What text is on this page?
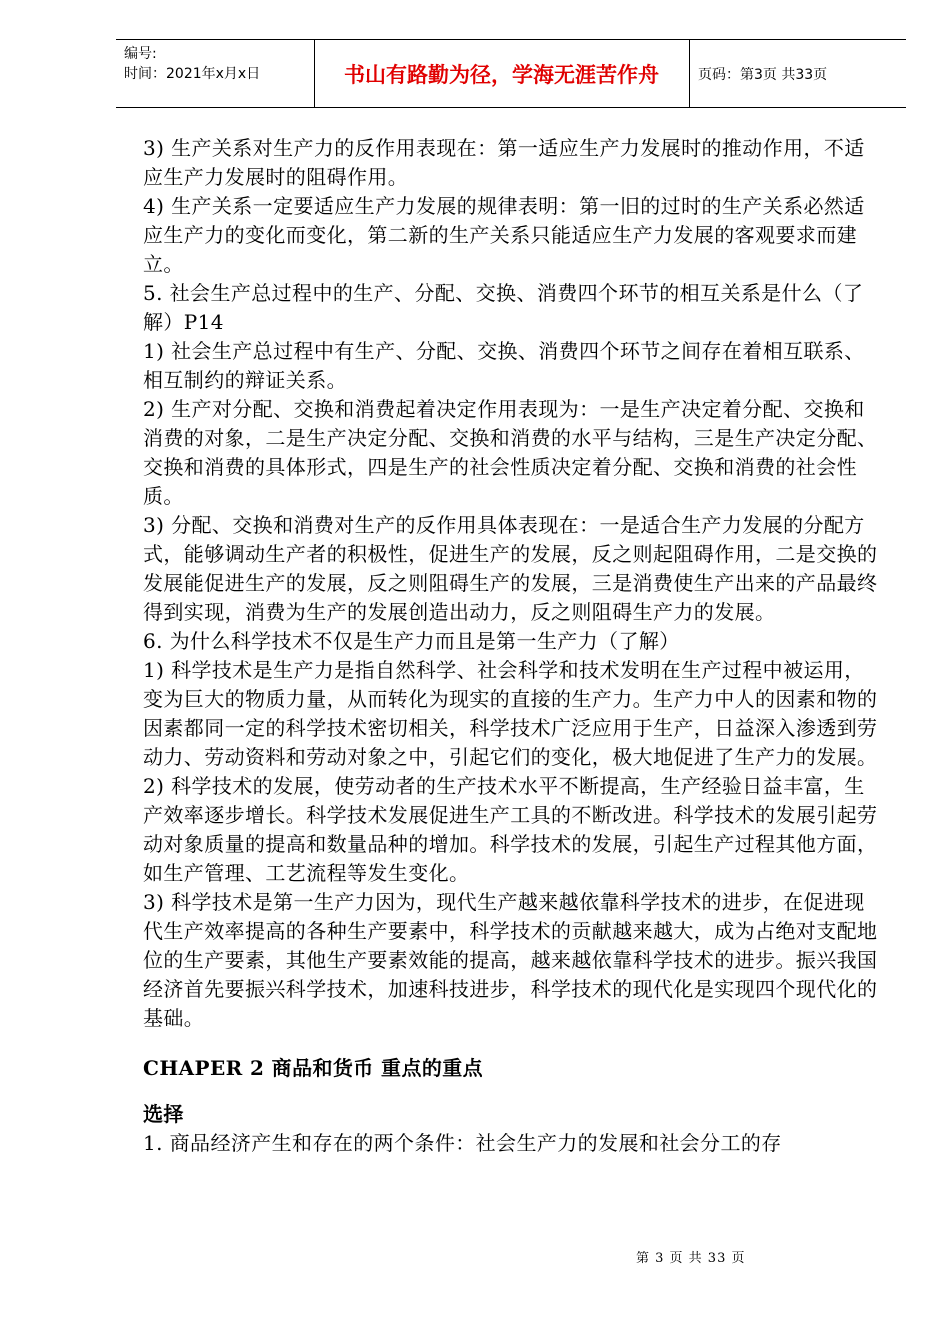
编号:
时间：2021年x月x日	书山有路勤为径，学海无涯苦作舟	页码：第3页 共33页

3) 生产关系对生产力的反作用表现在：第一适应生产力发展时的推动作用，不适应生产力发展时的阻碍作用。

4) 生产关系一定要适应生产力发展的规律表明：第一旧的过时的生产关系必然适应生产力的变化而变化，第二新的生产关系只能适应生产力发展的客观要求而建立。

5. 社会生产总过程中的生产、分配、交换、消费四个环节的相互关系是什么（了解）P14

1) 社会生产总过程中有生产、分配、交换、消费四个环节之间存在着相互联系、相互制约的辩证关系。

2) 生产对分配、交换和消费起着决定作用表现为：一是生产决定着分配、交换和消费的对象，二是生产决定分配、交换和消费的水平与结构，三是生产决定分配、交换和消费的具体形式，四是生产的社会性质决定着分配、交换和消费的社会性质。

3) 分配、交换和消费对生产的反作用具体表现在：一是适合生产力发展的分配方式，能够调动生产者的积极性，促进生产的发展，反之则起阻碍作用，二是交换的发展能促进生产的发展，反之则阻碍生产的发展，三是消费使生产出来的产品最终得到实现，消费为生产的发展创造出动力，反之则阻碍生产力的发展。

6. 为什么科学技术不仅是生产力而且是第一生产力（了解）

1) 科学技术是生产力是指自然科学、社会科学和技术发明在生产过程中被运用，变为巨大的物质力量，从而转化为现实的直接的生产力。生产力中人的因素和物的因素都同一定的科学技术密切相关，科学技术广泛应用于生产，日益深入渗透到劳动力、劳动资料和劳动对象之中，引起它们的变化，极大地促进了生产力的发展。

2) 科学技术的发展，使劳动者的生产技术水平不断提高，生产经验日益丰富，生产效率逐步增长。科学技术发展促进生产工具的不断改进。科学技术的发展引起劳动对象质量的提高和数量品种的增加。科学技术的发展，引起生产过程其他方面，如生产管理、工艺流程等发生变化。

3) 科学技术是第一生产力因为，现代生产越来越依靠科学技术的进步，在促进现代生产效率提高的各种生产要素中，科学技术的贡献越来越大，成为占绝对支配地位的生产要素，其他生产要素效能的提高，越来越依靠科学技术的进步。振兴我国经济首先要振兴科学技术，加速科技进步，科学技术的现代化是实现四个现代化的基础。

CHAPER 2 商品和货币 重点的重点

选择

1. 商品经济产生和存在的两个条件：社会生产力的发展和社会分工的存

第 3 页 共 33 页
